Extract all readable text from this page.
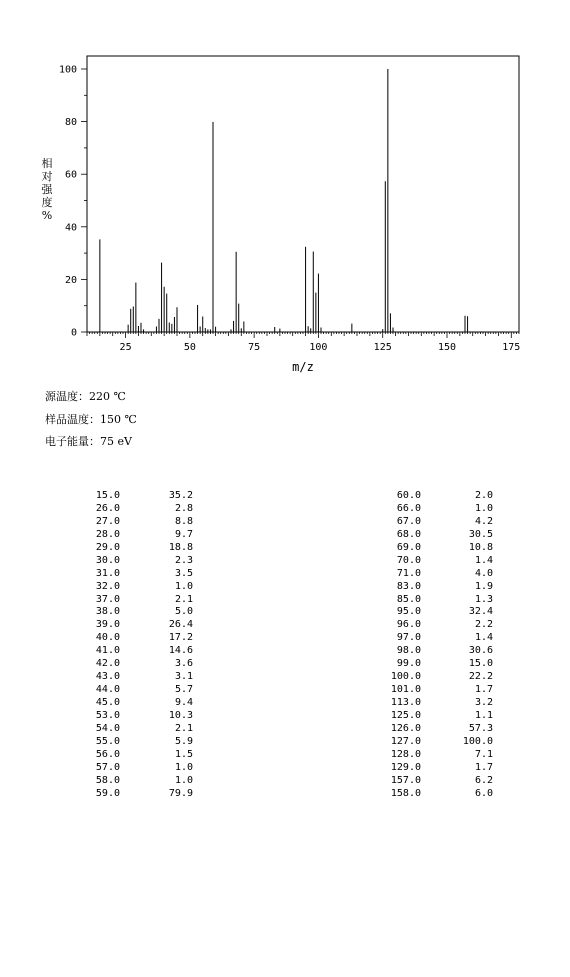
25	50	75	100	125	150	175
0
20
40
60
80
100
m/z
相对强度%
源温度：220 ℃
样品温度：150 ℃
电子能量：75 eV
15.0	35.2
26.0	2.8
27.0	8.8
28.0	9.7
29.0	18.8
30.0	2.3
31.0	3.5
32.0	1.0
37.0	2.1
38.0	5.0
39.0	26.4
40.0	17.2
41.0	14.6
42.0	3.6
43.0	3.1
44.0	5.7
45.0	9.4
53.0	10.3
54.0	2.1
55.0	5.9
56.0	1.5
57.0	1.0
58.0	1.0
59.0	79.9
60.0	2.0
66.0	1.0
67.0	4.2
68.0	30.5
69.0	10.8
70.0	1.4
71.0	4.0
83.0	1.9
85.0	1.3
95.0	32.4
96.0	2.2
97.0	1.4
98.0	30.6
99.0	15.0
100.0	22.2
101.0	1.7
113.0	3.2
125.0	1.1
126.0	57.3
127.0	100.0
128.0	7.1
129.0	1.7
157.0	6.2
158.0	6.0
